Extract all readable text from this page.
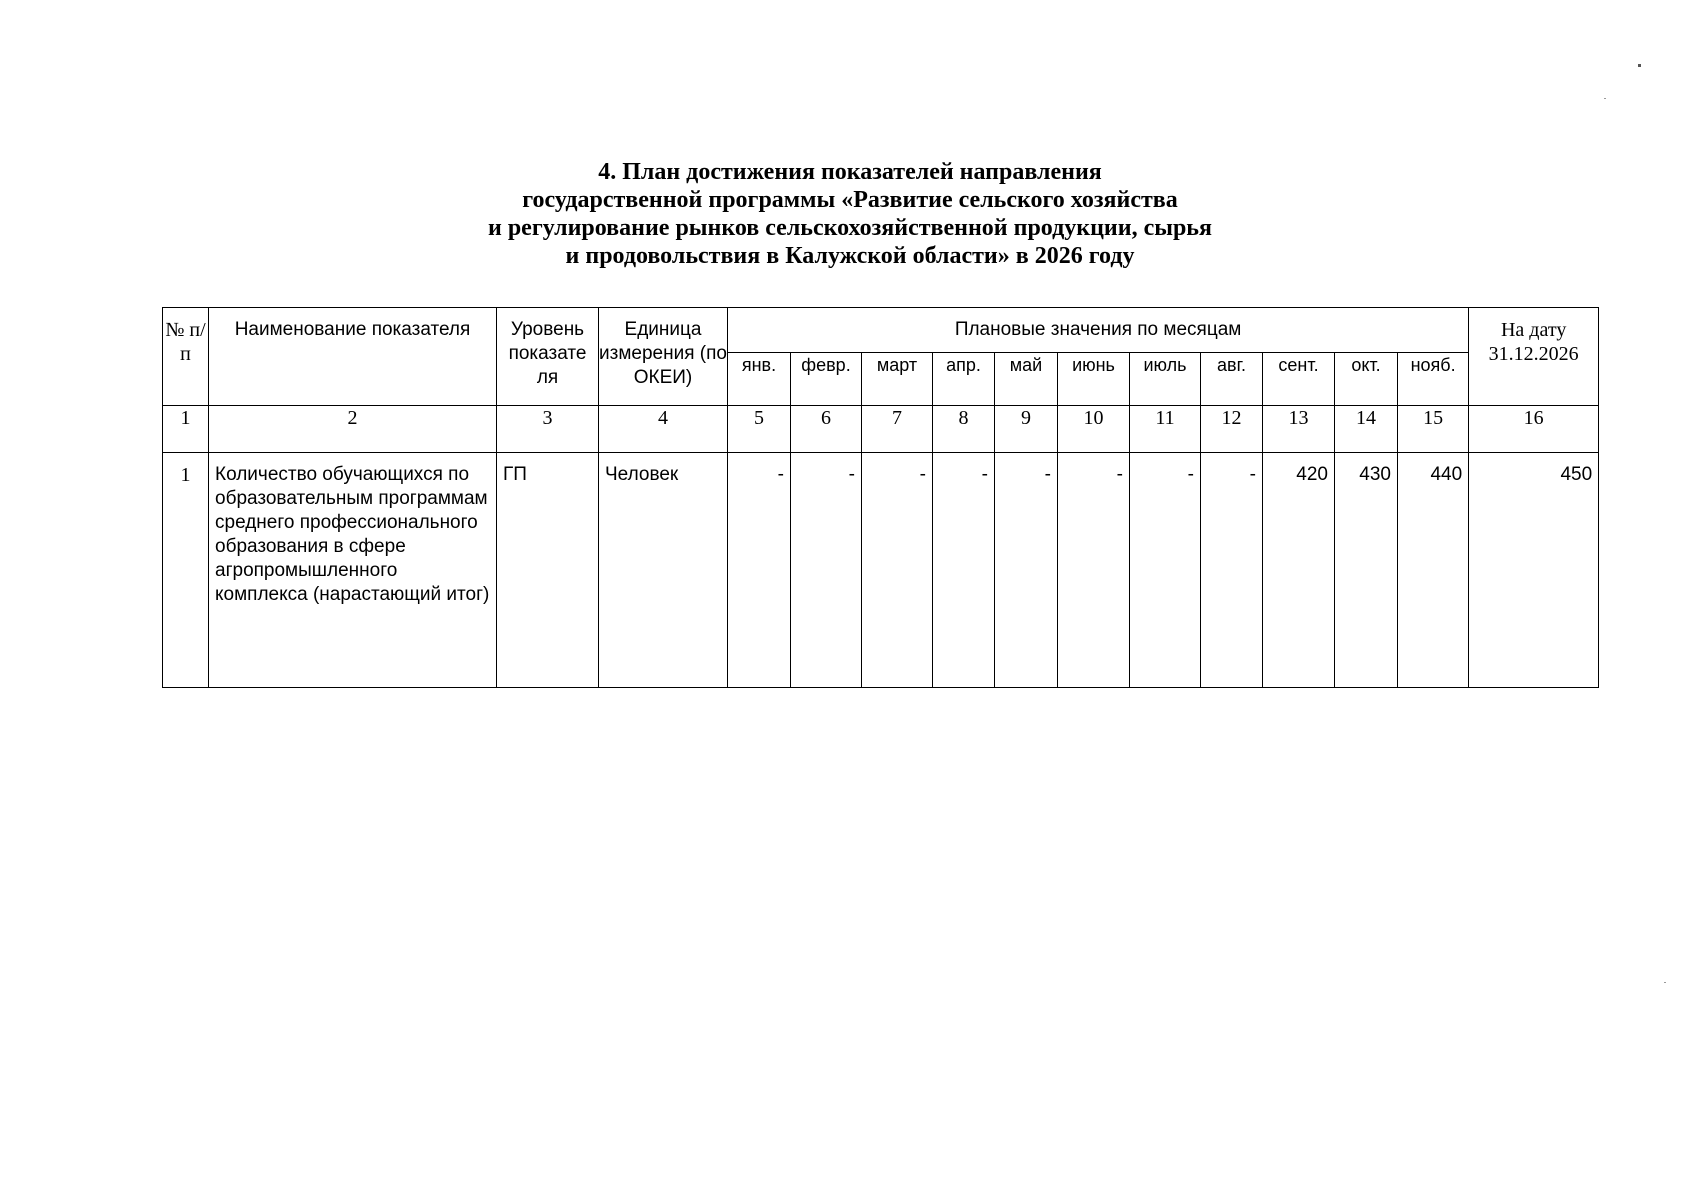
4. План достижения показателей направления
государственной программы «Развитие сельского хозяйства
и регулирование рынков сельскохозяйственной продукции, сырья
и продовольствия в Калужской области» в 2026 году
№ п/п	Наименование показателя	Уровень показате ля	Единица измерения (по ОКЕИ)	Плановые значения по месяцам											На дату 31.12.2026
				янв.	февр.	март	апр.	май	июнь	июль	авг.	сент.	окт.	нояб.	
1	2	3	4	5	6	7	8	9	10	11	12	13	14	15	16
1	Количество обучающихся по образовательным программам среднего профессионального образования в сфере агропромышленного комплекса (нарастающий итог)	ГП	Человек	-	-	-	-	-	-	-	-	420	430	440	450
